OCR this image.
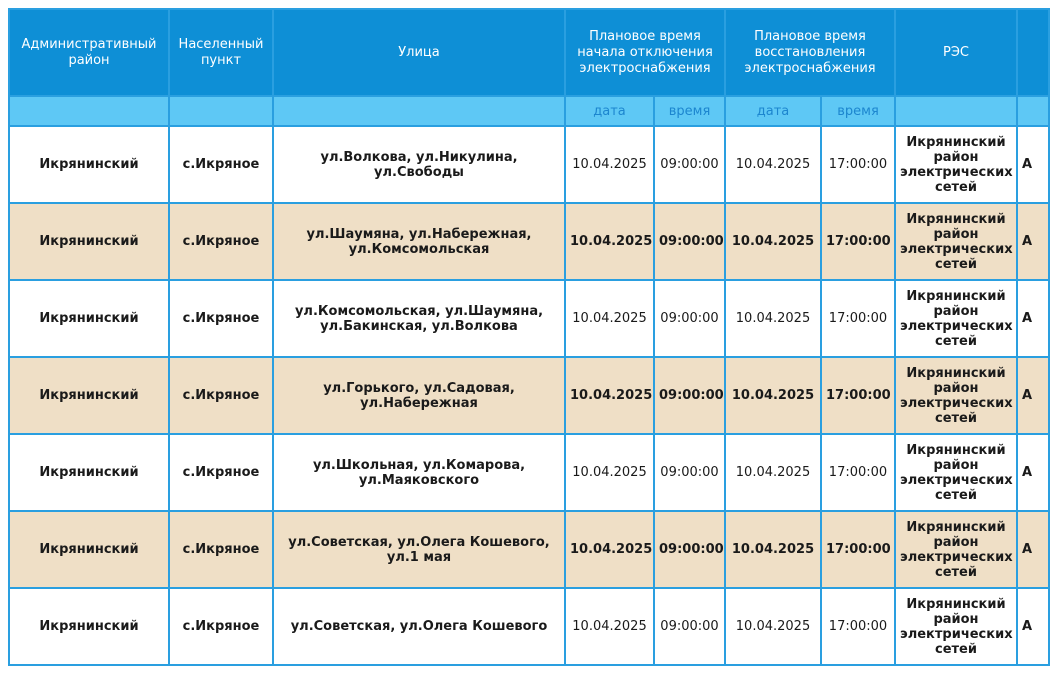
Административный район	Населенный пункт	Улица	Плановое время начала отключения электроснабжения		Плановое время восстановления электроснабжения		РЭС	
			дата	время	дата	время		
Икрянинский	с.Икряное	ул.Волкова, ул.Никулина, ул.Свободы	10.04.2025	09:00:00	10.04.2025	17:00:00	Икрянинский район электрических сетей	А
Икрянинский	с.Икряное	ул.Шаумяна, ул.Набережная, ул.Комсомольская	10.04.2025	09:00:00	10.04.2025	17:00:00	Икрянинский район электрических сетей	А
Икрянинский	с.Икряное	ул.Комсомольская, ул.Шаумяна, ул.Бакинская, ул.Волкова	10.04.2025	09:00:00	10.04.2025	17:00:00	Икрянинский район электрических сетей	А
Икрянинский	с.Икряное	ул.Горького, ул.Садовая, ул.Набережная	10.04.2025	09:00:00	10.04.2025	17:00:00	Икрянинский район электрических сетей	А
Икрянинский	с.Икряное	ул.Школьная, ул.Комарова, ул.Маяковского	10.04.2025	09:00:00	10.04.2025	17:00:00	Икрянинский район электрических сетей	А
Икрянинский	с.Икряное	ул.Советская, ул.Олега Кошевого, ул.1 мая	10.04.2025	09:00:00	10.04.2025	17:00:00	Икрянинский район электрических сетей	А
Икрянинский	с.Икряное	ул.Советская, ул.Олега Кошевого	10.04.2025	09:00:00	10.04.2025	17:00:00	Икрянинский район электрических сетей	А
